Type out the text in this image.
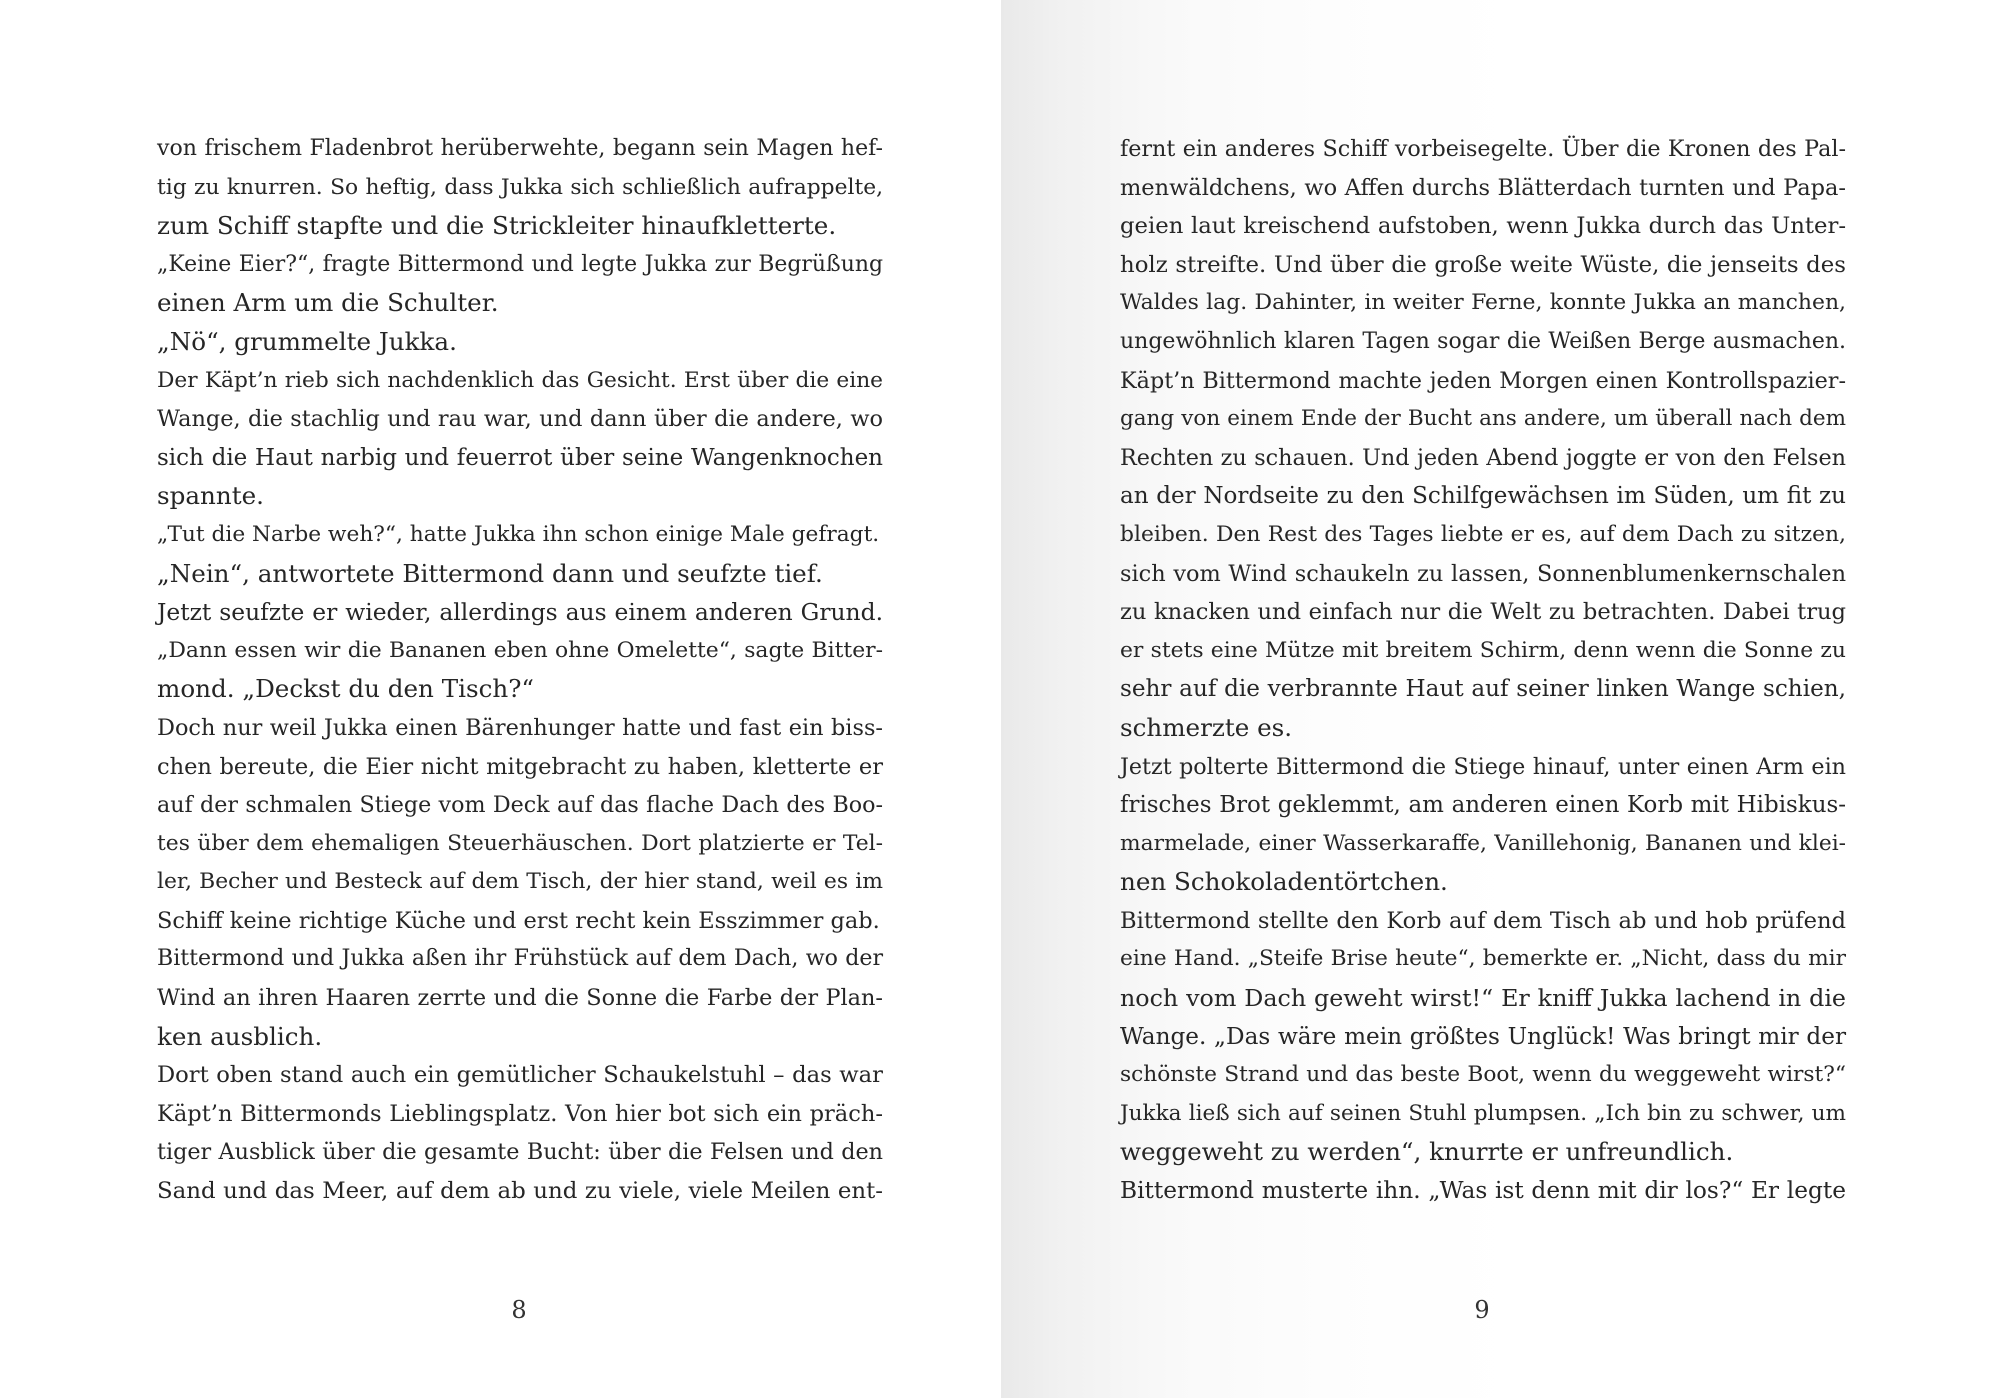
von frischem Fladenbrot herüberwehte, begann sein Magen hef-
tig zu knurren. So heftig, dass Jukka sich schließlich aufrappelte,
zum Schiff stapfte und die Strickleiter hinaufkletterte.
„Keine Eier?“, fragte Bittermond und legte Jukka zur Begrüßung
einen Arm um die Schulter.
„Nö“, grummelte Jukka.
Der Käpt’n rieb sich nachdenklich das Gesicht. Erst über die eine
Wange, die stachlig und rau war, und dann über die andere, wo
sich die Haut narbig und feuerrot über seine Wangenknochen
spannte.
„Tut die Narbe weh?“, hatte Jukka ihn schon einige Male gefragt.
„Nein“, antwortete Bittermond dann und seufzte tief.
Jetzt seufzte er wieder, allerdings aus einem anderen Grund.
„Dann essen wir die Bananen eben ohne Omelette“, sagte Bitter-
mond. „Deckst du den Tisch?“
Doch nur weil Jukka einen Bärenhunger hatte und fast ein biss-
chen bereute, die Eier nicht mitgebracht zu haben, kletterte er
auf der schmalen Stiege vom Deck auf das flache Dach des Boo-
tes über dem ehemaligen Steuerhäuschen. Dort platzierte er Tel-
ler, Becher und Besteck auf dem Tisch, der hier stand, weil es im
Schiff keine richtige Küche und erst recht kein Esszimmer gab.
Bittermond und Jukka aßen ihr Frühstück auf dem Dach, wo der
Wind an ihren Haaren zerrte und die Sonne die Farbe der Plan-
ken ausblich.
Dort oben stand auch ein gemütlicher Schaukelstuhl – das war
Käpt’n Bittermonds Lieblingsplatz. Von hier bot sich ein präch-
tiger Ausblick über die gesamte Bucht: über die Felsen und den
Sand und das Meer, auf dem ab und zu viele, viele Meilen ent-
8
fernt ein anderes Schiff vorbeisegelte. Über die Kronen des Pal-
menwäldchens, wo Affen durchs Blätterdach turnten und Papa-
geien laut kreischend aufstoben, wenn Jukka durch das Unter-
holz streifte. Und über die große weite Wüste, die jenseits des
Waldes lag. Dahinter, in weiter Ferne, konnte Jukka an manchen,
ungewöhnlich klaren Tagen sogar die Weißen Berge ausmachen.
Käpt’n Bittermond machte jeden Morgen einen Kontrollspazier-
gang von einem Ende der Bucht ans andere, um überall nach dem
Rechten zu schauen. Und jeden Abend joggte er von den Felsen
an der Nordseite zu den Schilfgewächsen im Süden, um fit zu
bleiben. Den Rest des Tages liebte er es, auf dem Dach zu sitzen,
sich vom Wind schaukeln zu lassen, Sonnenblumenkernschalen
zu knacken und einfach nur die Welt zu betrachten. Dabei trug
er stets eine Mütze mit breitem Schirm, denn wenn die Sonne zu
sehr auf die verbrannte Haut auf seiner linken Wange schien,
schmerzte es.
Jetzt polterte Bittermond die Stiege hinauf, unter einen Arm ein
frisches Brot geklemmt, am anderen einen Korb mit Hibiskus-
marmelade, einer Wasserkaraffe, Vanillehonig, Bananen und klei-
nen Schokoladentörtchen.
Bittermond stellte den Korb auf dem Tisch ab und hob prüfend
eine Hand. „Steife Brise heute“, bemerkte er. „Nicht, dass du mir
noch vom Dach geweht wirst!“ Er kniff Jukka lachend in die
Wange. „Das wäre mein größtes Unglück! Was bringt mir der
schönste Strand und das beste Boot, wenn du weggeweht wirst?“
Jukka ließ sich auf seinen Stuhl plumpsen. „Ich bin zu schwer, um
weggeweht zu werden“, knurrte er unfreundlich.
Bittermond musterte ihn. „Was ist denn mit dir los?“ Er legte
9
